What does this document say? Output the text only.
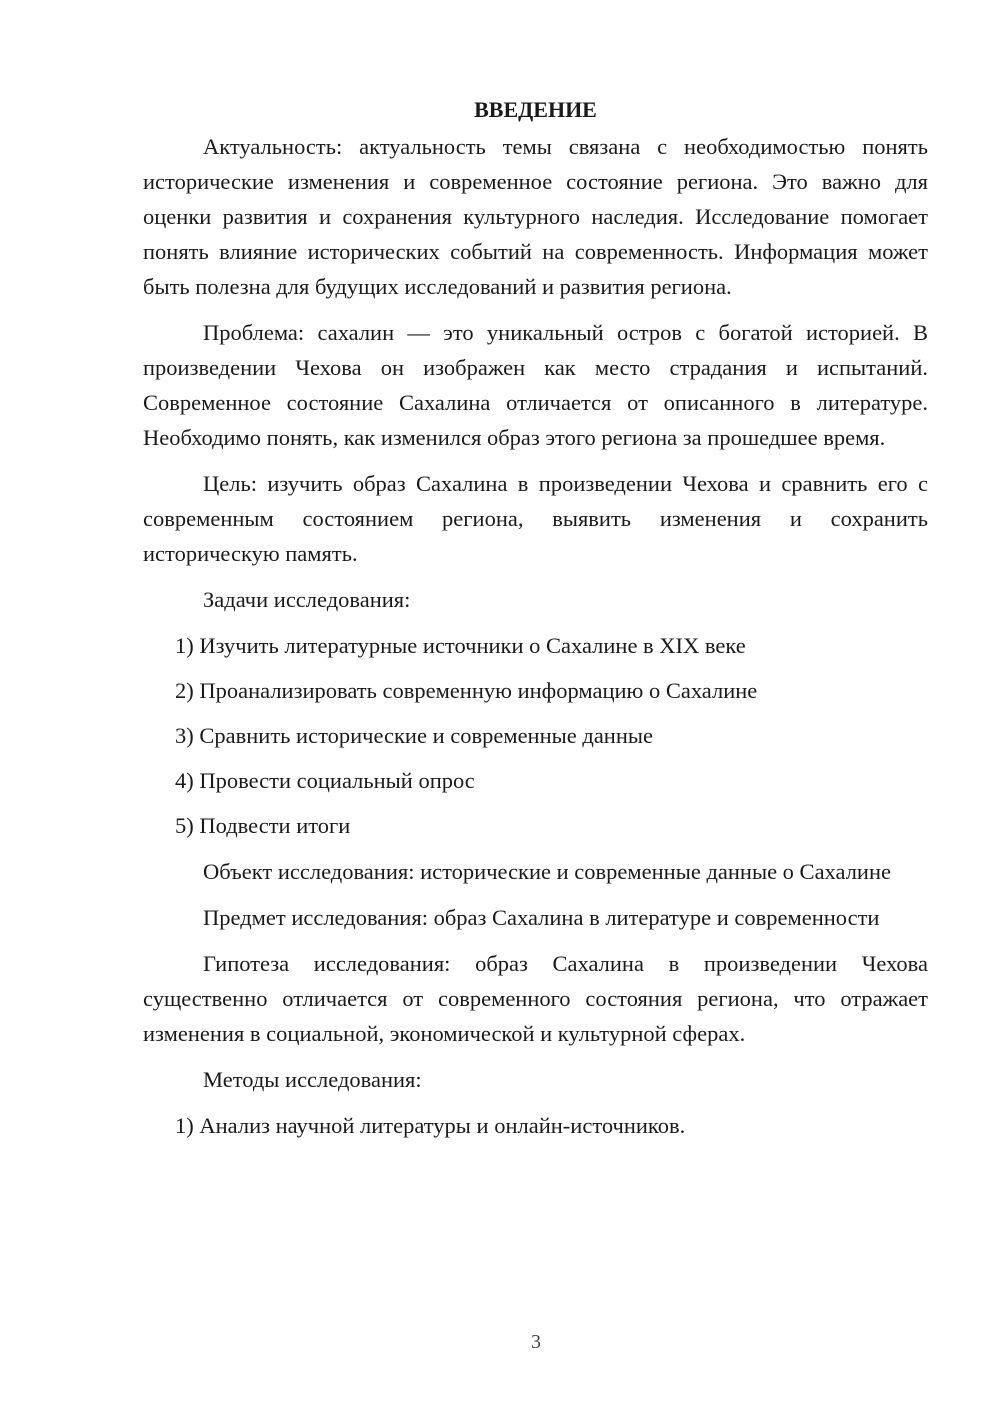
ВВЕДЕНИЕ

Актуальность: актуальность темы связана с необходимостью понять исторические изменения и современное состояние региона. Это важно для оценки развития и сохранения культурного наследия. Исследование помогает понять влияние исторических событий на современность. Информация может быть полезна для будущих исследований и развития региона.

Проблема: сахалин — это уникальный остров с богатой историей. В произведении Чехова он изображен как место страдания и испытаний. Современное состояние Сахалина отличается от описанного в литературе. Необходимо понять, как изменился образ этого региона за прошедшее время.

Цель: изучить образ Сахалина в произведении Чехова и сравнить его с современным состоянием региона, выявить изменения и сохранить историческую память.

Задачи исследования:

1) Изучить литературные источники о Сахалине в XIX веке
2) Проанализировать современную информацию о Сахалине
3) Сравнить исторические и современные данные
4) Провести социальный опрос
5) Подвести итоги

Объект исследования: исторические и современные данные о Сахалине

Предмет исследования: образ Сахалина в литературе и современности

Гипотеза исследования: образ Сахалина в произведении Чехова существенно отличается от современного состояния региона, что отражает изменения в социальной, экономической и культурной сферах.

Методы исследования:

1) Анализ научной литературы и онлайн-источников.
3
